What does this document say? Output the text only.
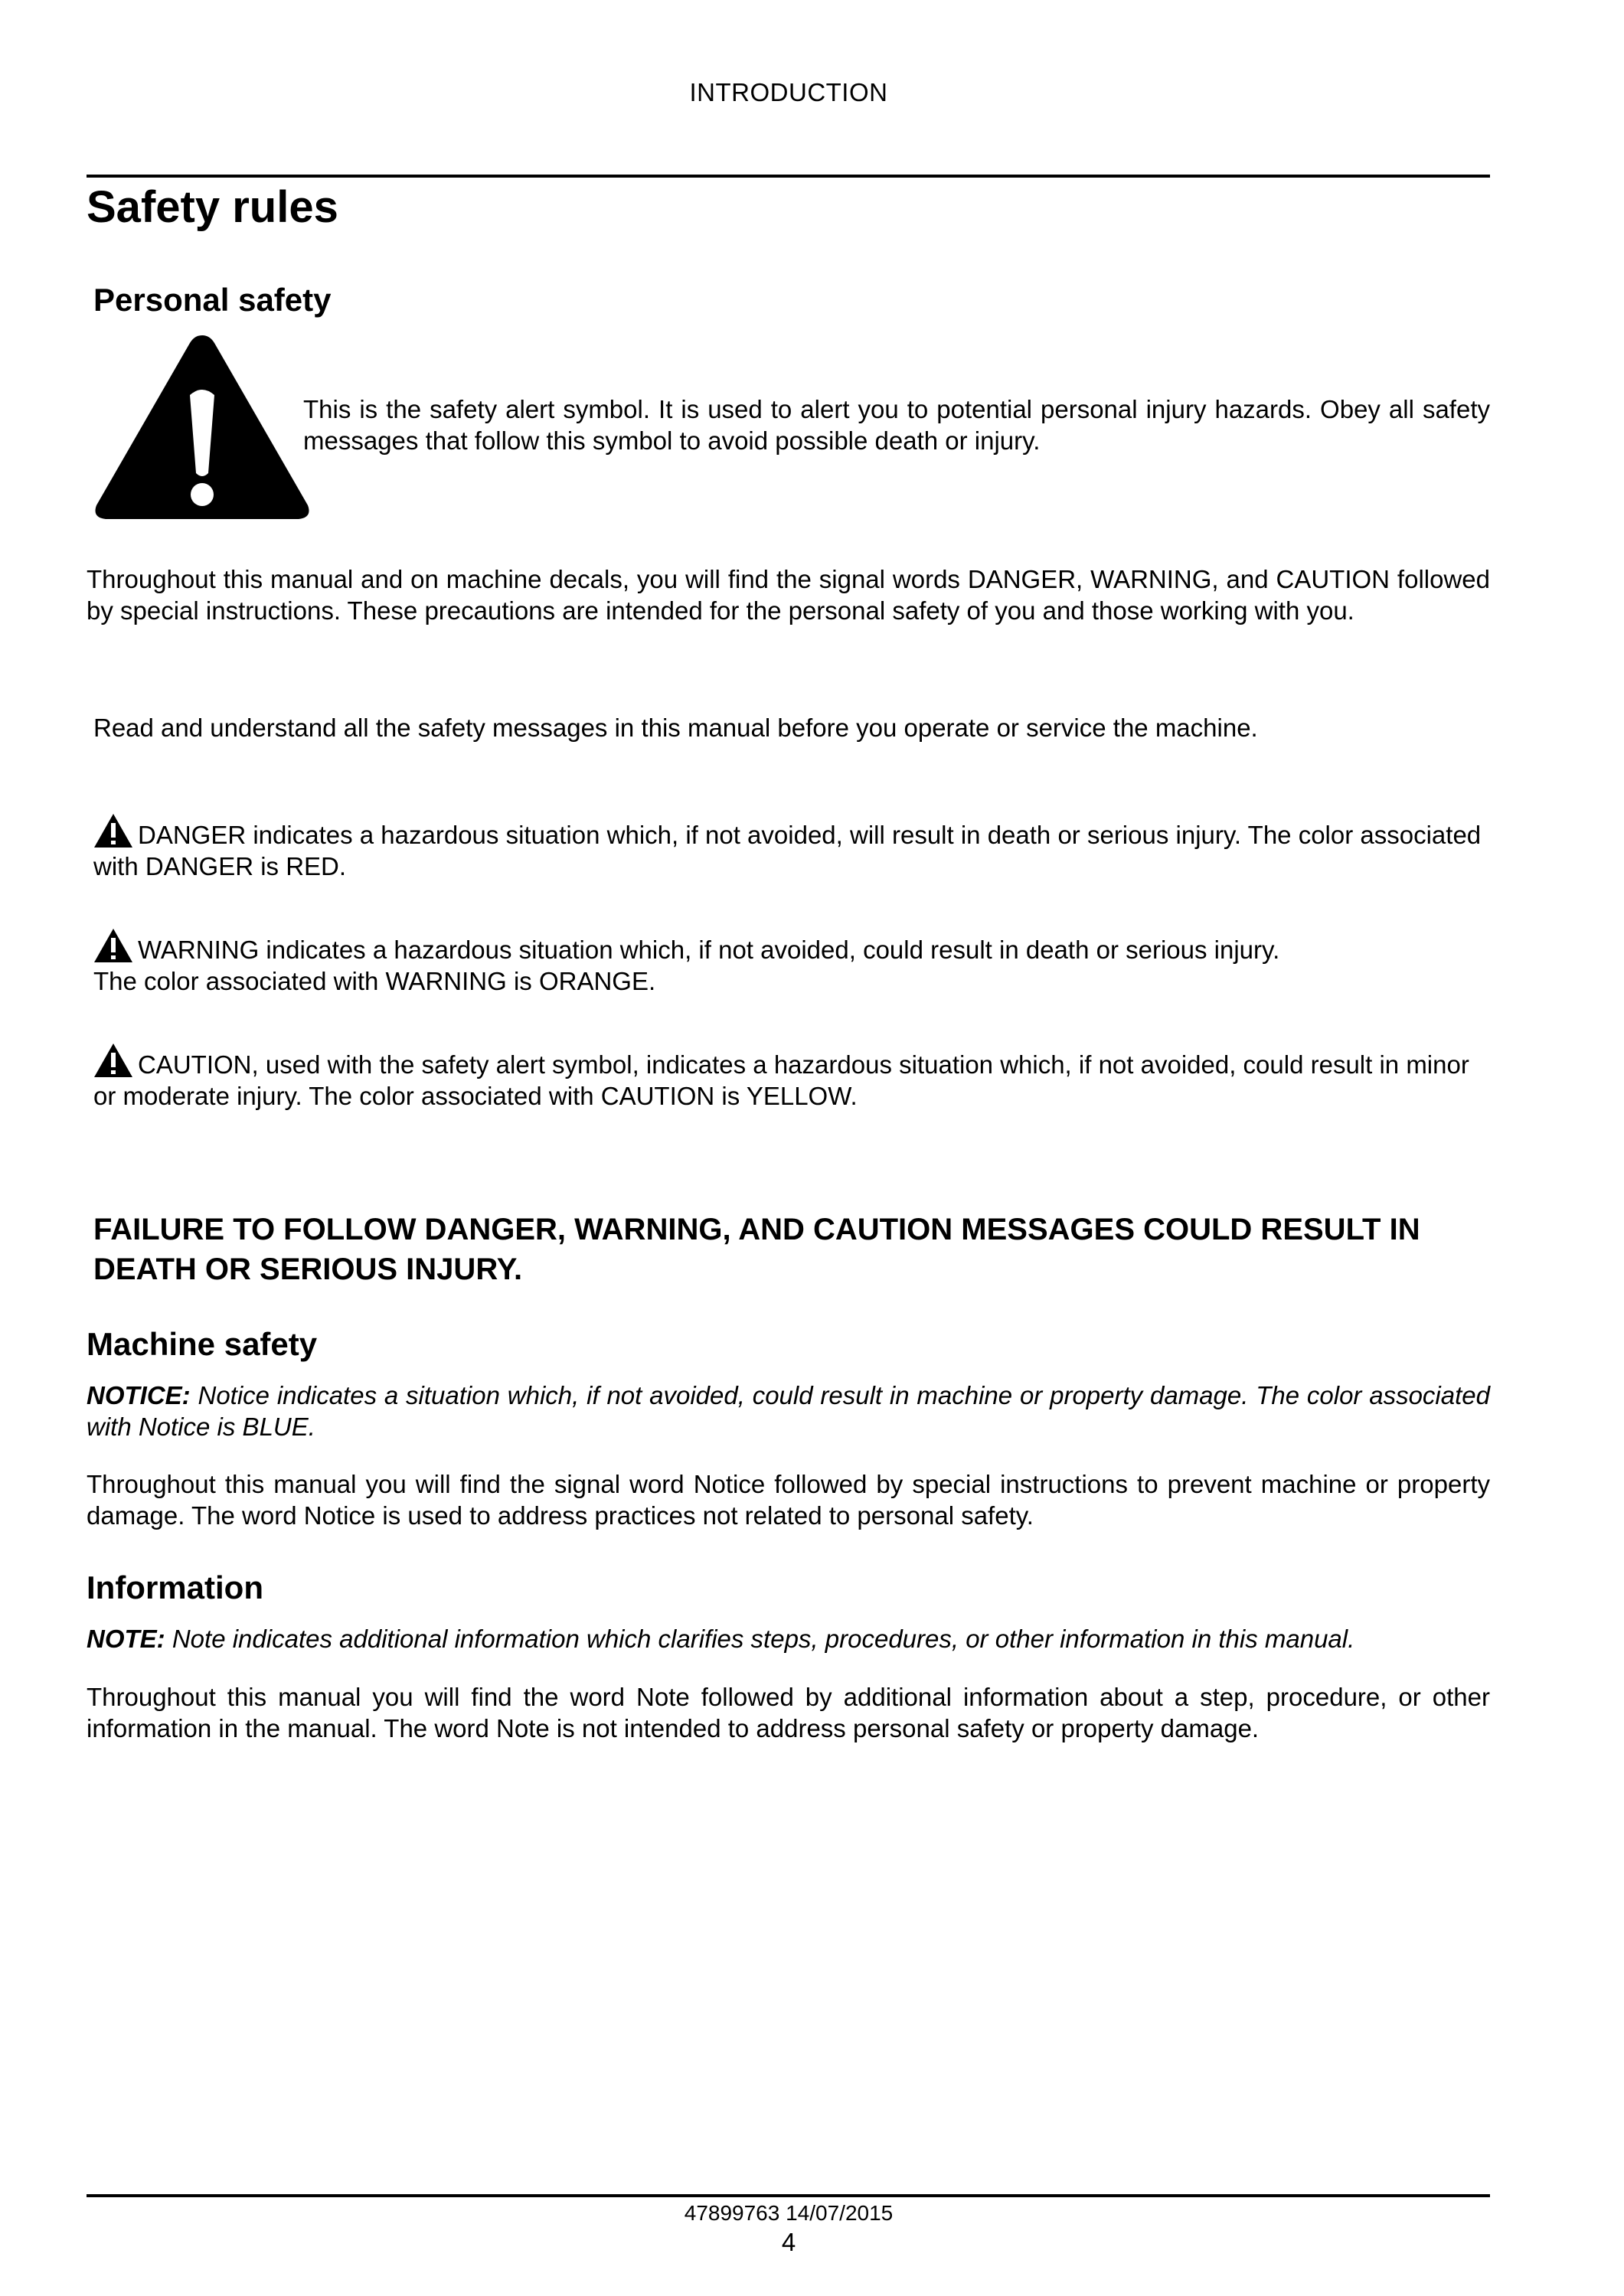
INTRODUCTION
Safety rules
Personal safety
This is the safety alert symbol. It is used to alert you to potential personal injury hazards. Obey all safety messages that follow this symbol to avoid possible death or injury.
Throughout this manual and on machine decals, you will find the signal words DANGER, WARNING, and CAUTION followed by special instructions. These precautions are intended for the personal safety of you and those working with you.
Read and understand all the safety messages in this manual before you operate or service the machine.
DANGER indicates a hazardous situation which, if not avoided, will result in death or serious injury. The color associated with DANGER is RED.
WARNING indicates a hazardous situation which, if not avoided, could result in death or serious injury.
The color associated with WARNING is ORANGE.
CAUTION, used with the safety alert symbol, indicates a hazardous situation which, if not avoided, could result in minor or moderate injury. The color associated with CAUTION is YELLOW.
FAILURE TO FOLLOW DANGER, WARNING, AND CAUTION MESSAGES COULD RESULT IN DEATH OR SERIOUS INJURY.
Machine safety
NOTICE: Notice indicates a situation which, if not avoided, could result in machine or property damage. The color associated with Notice is BLUE.
Throughout this manual you will find the signal word Notice followed by special instructions to prevent machine or property damage. The word Notice is used to address practices not related to personal safety.
Information
NOTE: Note indicates additional information which clarifies steps, procedures, or other information in this manual.
Throughout this manual you will find the word Note followed by additional information about a step, procedure, or other information in the manual. The word Note is not intended to address personal safety or property damage.
47899763 14/07/2015
4
